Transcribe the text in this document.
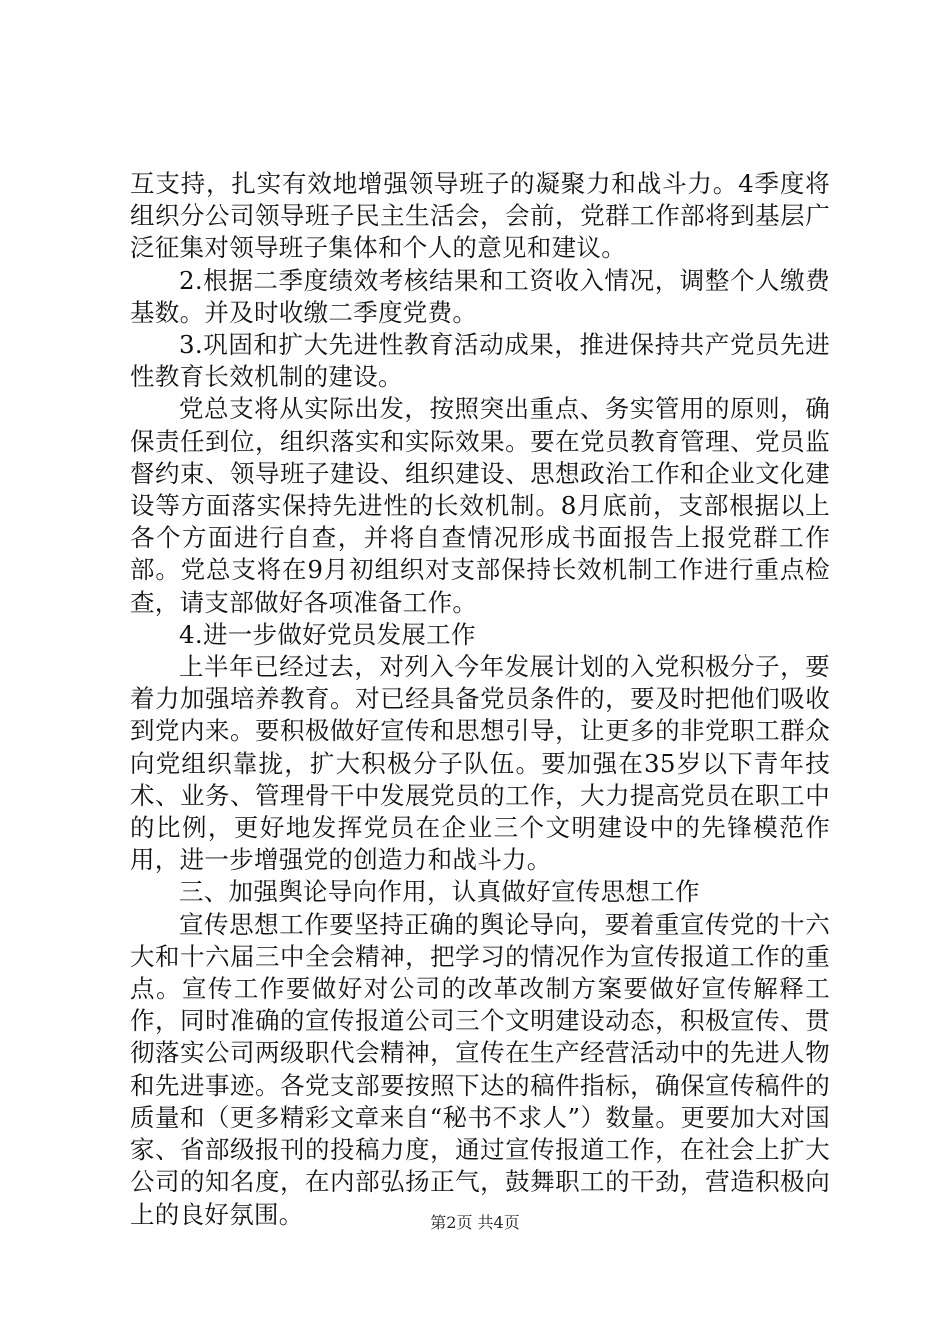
互支持，扎实有效地增强领导班子的凝聚力和战斗力。4季度将组织分公司领导班子民主生活会，会前，党群工作部将到基层广泛征集对领导班子集体和个人的意见和建议。

2.根据二季度绩效考核结果和工资收入情况，调整个人缴费基数。并及时收缴二季度党费。

3.巩固和扩大先进性教育活动成果，推进保持共产党员先进性教育长效机制的建设。

党总支将从实际出发，按照突出重点、务实管用的原则，确保责任到位，组织落实和实际效果。要在党员教育管理、党员监督约束、领导班子建设、组织建设、思想政治工作和企业文化建设等方面落实保持先进性的长效机制。8月底前，支部根据以上各个方面进行自查，并将自查情况形成书面报告上报党群工作部。党总支将在9月初组织对支部保持长效机制工作进行重点检查，请支部做好各项准备工作。

4.进一步做好党员发展工作

上半年已经过去，对列入今年发展计划的入党积极分子，要着力加强培养教育。对已经具备党员条件的，要及时把他们吸收到党内来。要积极做好宣传和思想引导，让更多的非党职工群众向党组织靠拢，扩大积极分子队伍。要加强在35岁以下青年技术、业务、管理骨干中发展党员的工作，大力提高党员在职工中的比例，更好地发挥党员在企业三个文明建设中的先锋模范作用，进一步增强党的创造力和战斗力。

三、加强舆论导向作用，认真做好宣传思想工作

宣传思想工作要坚持正确的舆论导向，要着重宣传党的十六大和十六届三中全会精神，把学习的情况作为宣传报道工作的重点。宣传工作要做好对公司的改革改制方案要做好宣传解释工作，同时准确的宣传报道公司三个文明建设动态，积极宣传、贯彻落实公司两级职代会精神，宣传在生产经营活动中的先进人物和先进事迹。各党支部要按照下达的稿件指标，确保宣传稿件的质量和（更多精彩文章来自“秘书不求人”）数量。更要加大对国家、省部级报刊的投稿力度，通过宣传报道工作，在社会上扩大公司的知名度，在内部弘扬正气，鼓舞职工的干劲，营造积极向上的良好氛围。	第2页 共4页
